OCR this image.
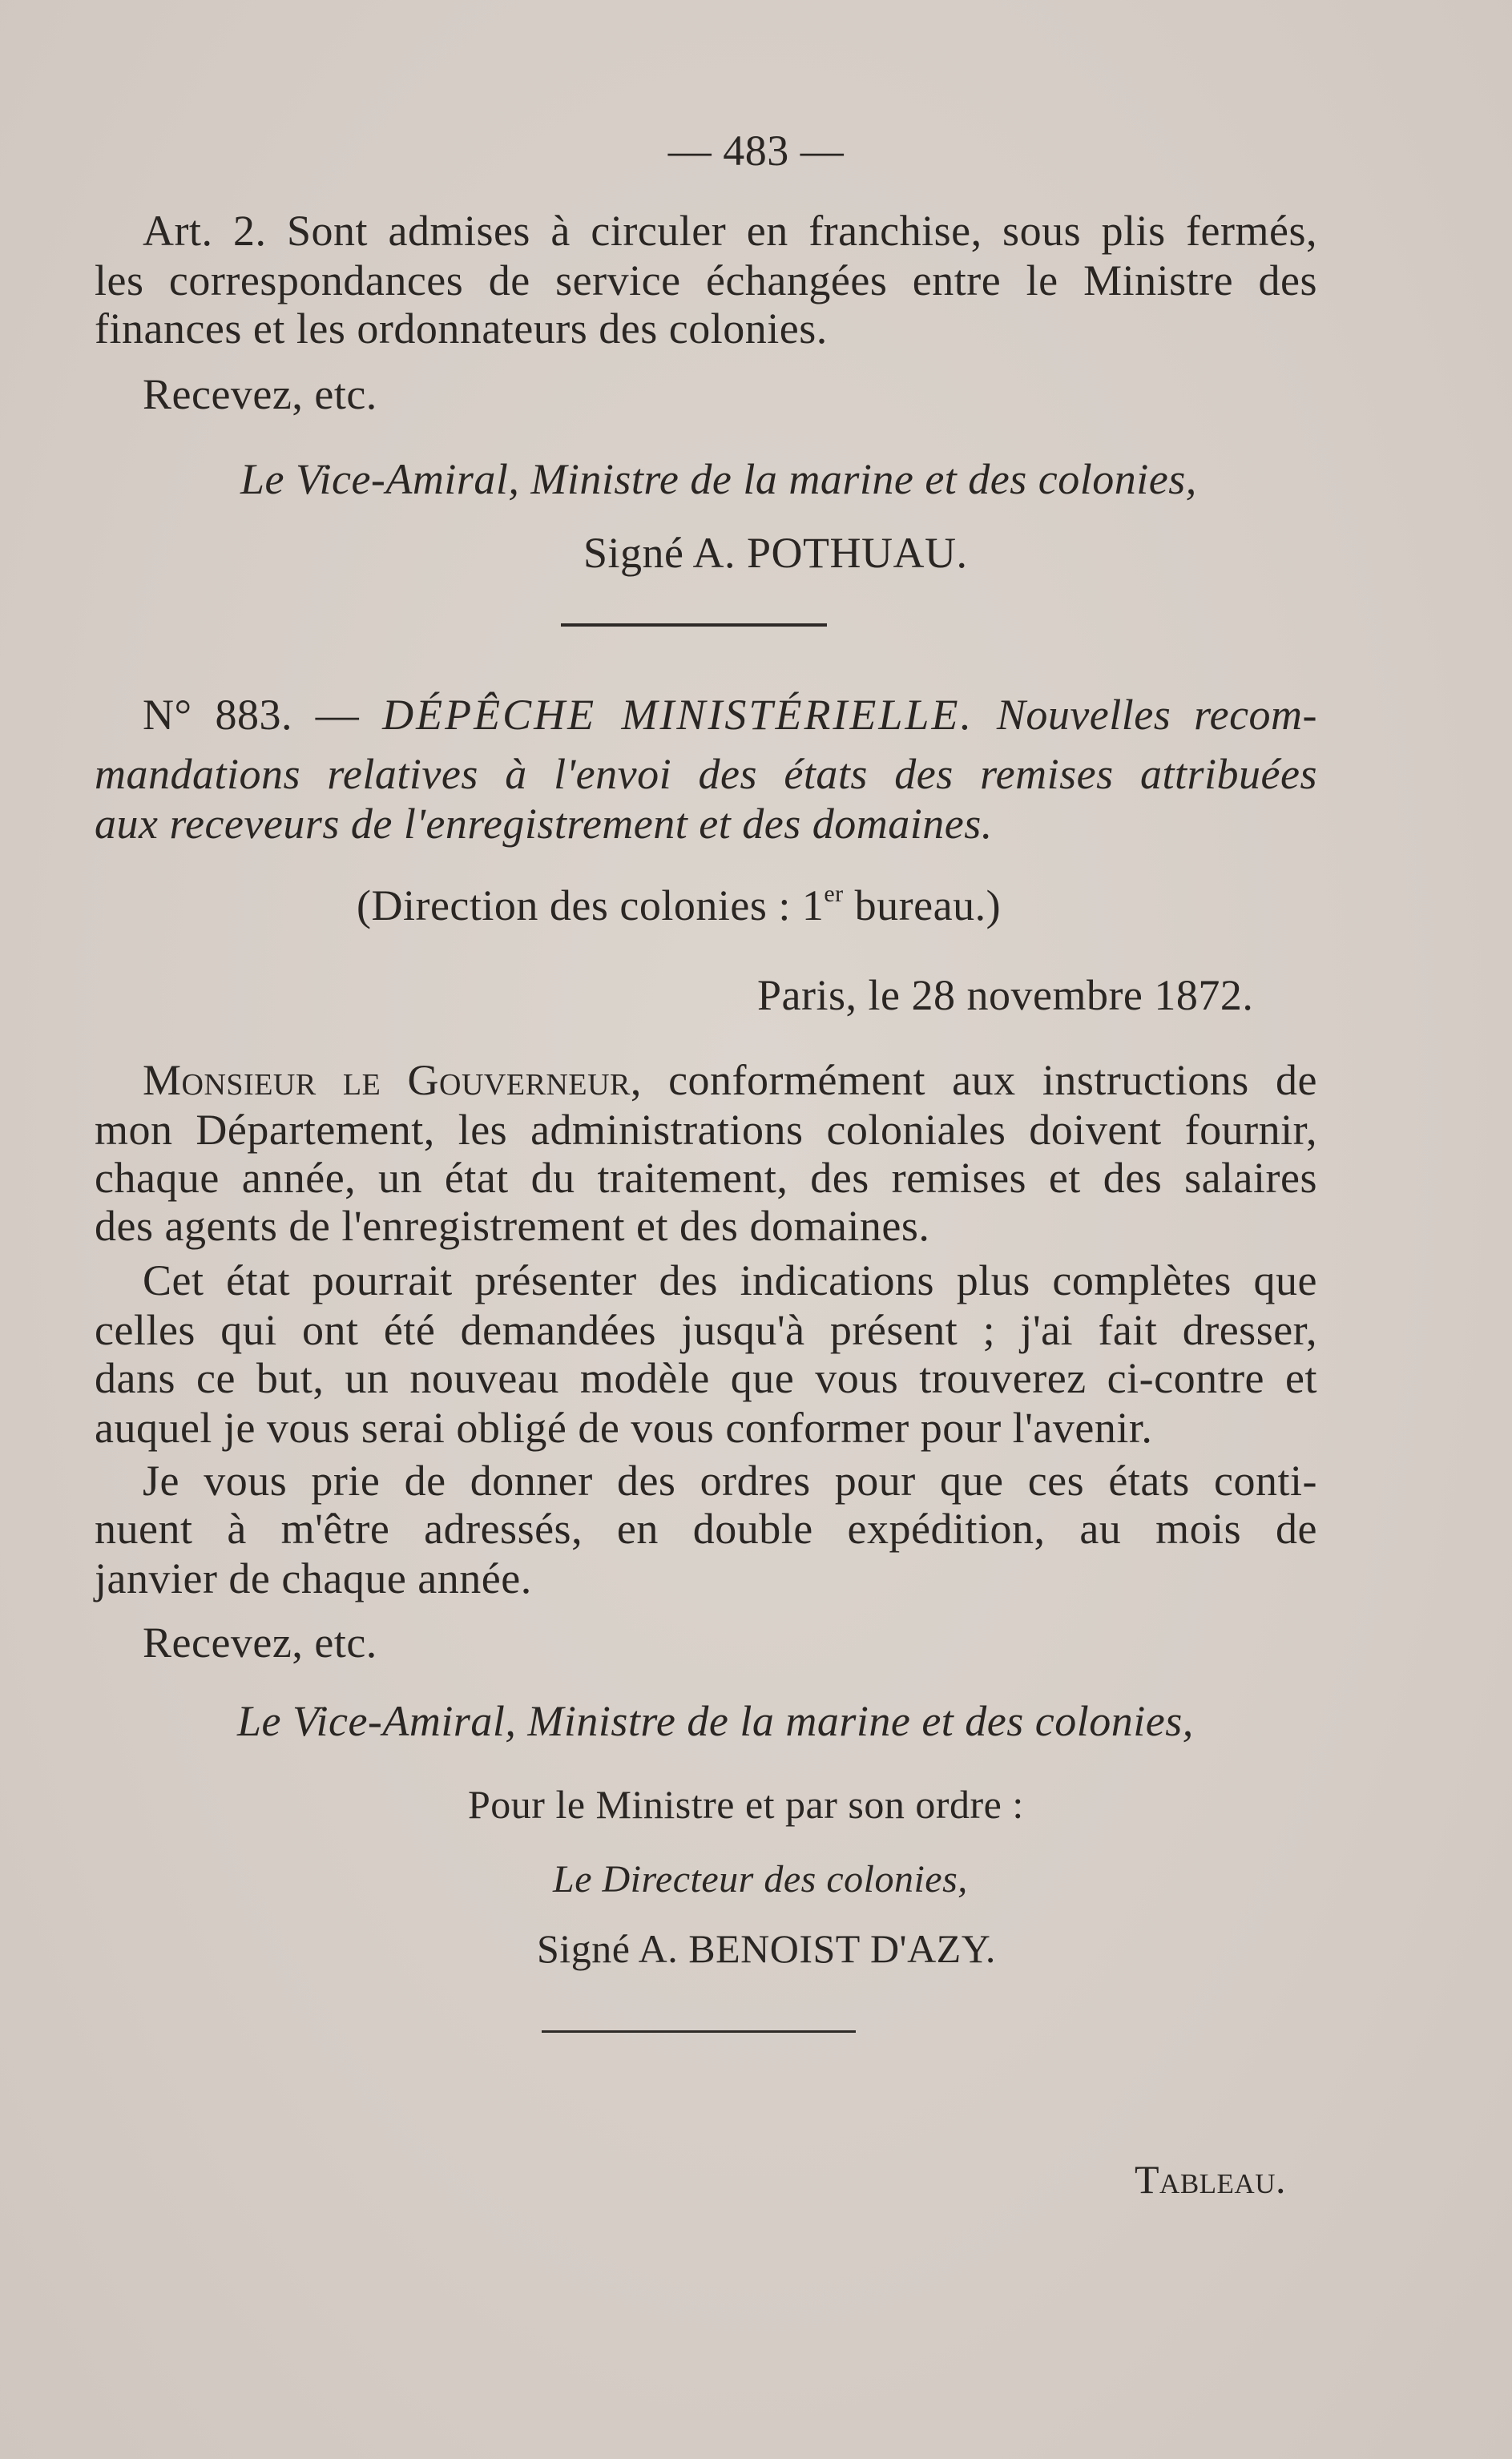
— 483 —
Art. 2. Sont admises à circuler en franchise, sous plis fermés,
les correspondances de service échangées entre le Ministre des
finances et les ordonnateurs des colonies.
Recevez, etc.
Le Vice-Amiral, Ministre de la marine et des colonies,
Signé A. POTHUAU.
N° 883. — DÉPÊCHE MINISTÉRIELLE. Nouvelles recom-
mandations relatives à l'envoi des états des remises attribuées
aux receveurs de l'enregistrement et des domaines.
(Direction des colonies : 1er bureau.)
Paris, le 28 novembre 1872.
Monsieur le Gouverneur, conformément aux instructions de
mon Département, les administrations coloniales doivent fournir,
chaque année, un état du traitement, des remises et des salaires
des agents de l'enregistrement et des domaines.
Cet état pourrait présenter des indications plus complètes que
celles qui ont été demandées jusqu'à présent ; j'ai fait dresser,
dans ce but, un nouveau modèle que vous trouverez ci-contre et
auquel je vous serai obligé de vous conformer pour l'avenir.
Je vous prie de donner des ordres pour que ces états conti-
nuent à m'être adressés, en double expédition, au mois de
janvier de chaque année.
Recevez, etc.
Le Vice-Amiral, Ministre de la marine et des colonies,
Pour le Ministre et par son ordre :
Le Directeur des colonies,
Signé A. BENOIST D'AZY.
Tableau.
